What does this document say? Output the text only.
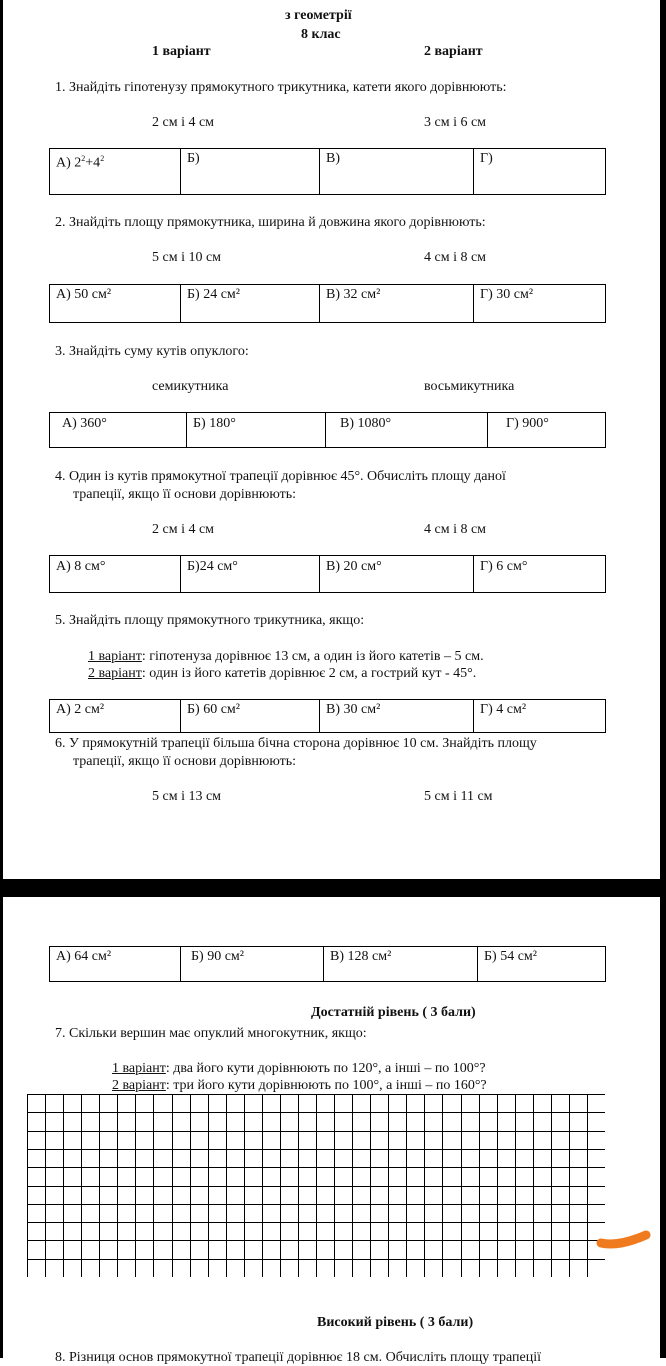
з геометрії
8 клас
1 варіант	2 варіант
1. Знайдіть гіпотенузу прямокутного трикутника, катети якого дорівнюють:
2 см і 4 см	3 см і 6 см
А) $2^2+4^2$	Б)	В)	Г)
2. Знайдіть площу прямокутника, ширина й довжина якого дорівнюють:
5 см і 10 см	4 см і 8 см
А) 50 см²	Б) 24 см²	В) 32 см²	Г) 30 см²
3. Знайдіть суму кутів опуклого:
семикутника	восьмикутника
А) 360°	Б) 180°	В) 1080°	Г) 900°
4. Один із кутів прямокутної трапеції дорівнює 45°. Обчисліть площу даної
трапеції, якщо її основи дорівнюють:
2 см і 4 см	4 см і 8 см
А) 8 см°	Б)24 см°	В) 20 см°	Г) 6 см°
5. Знайдіть площу прямокутного трикутника, якщо:
1 варіант: гіпотенуза дорівнює 13 см, а один із його катетів – 5 см.
2 варіант: один із його катетів дорівнює 2 см, а гострий кут - 45°.
А) 2 см²	Б) 60 см²	В) 30 см²	Г) 4 см²
6. У прямокутній трапеції більша бічна сторона дорівнює 10 см. Знайдіть площу
трапеції, якщо її основи дорівнюють:
5 см і 13 см	5 см і 11 см
А) 64 см²	Б) 90 см²	В) 128 см²	Б) 54 см²
Достатній рівень ( 3 бали)
7. Скільки вершин має опуклий многокутник, якщо:
1 варіант: два його кути дорівнюють по 120°, а інші – по 100°?
2 варіант: три його кути дорівнюють по 100°, а інші – по 160°?
Високий рівень ( 3 бали)
8. Різниця основ прямокутної трапеції дорівнює 18 см. Обчисліть площу трапеції
